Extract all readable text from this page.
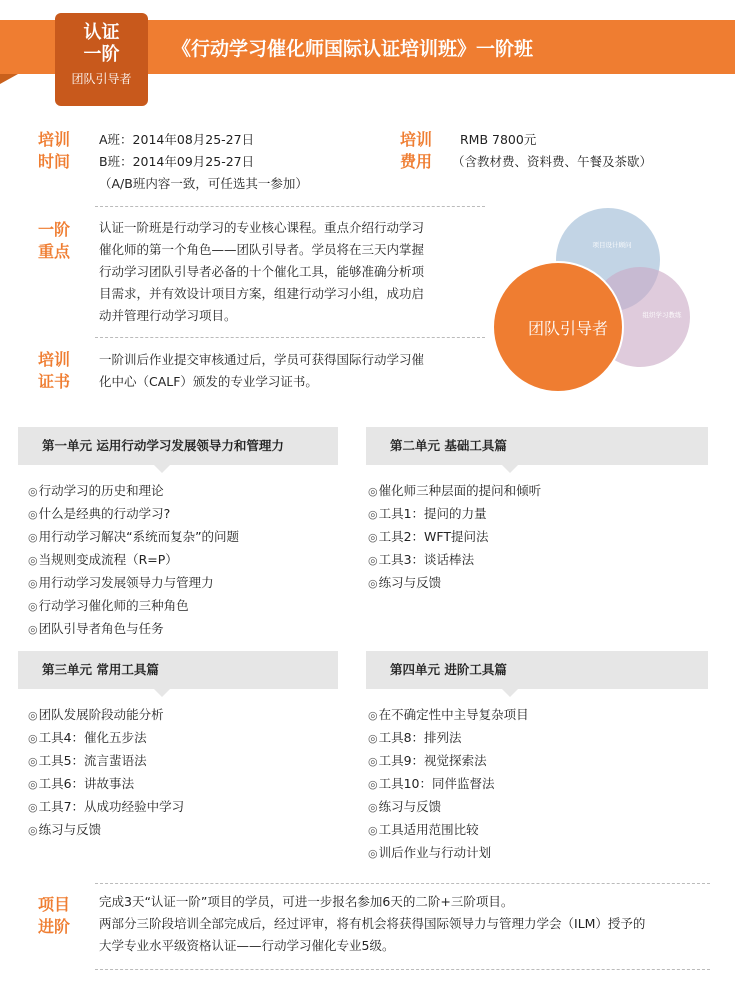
认证
一阶
团队引导者
《行动学习催化师国际认证培训班》一阶班
培训
时间
A班：2014年08月25-27日
B班：2014年09月25-27日
（A/B班内容一致，可任选其一参加）
培训
费用
RMB 7800元
（含教材费、资料费、午餐及茶歇）
一阶
重点
认证一阶班是行动学习的专业核心课程。重点介绍行动学习
催化师的第一个角色——团队引导者。学员将在三天内掌握
行动学习团队引导者必备的十个催化工具，能够准确分析项
目需求，并有效设计项目方案，组建行动学习小组，成功启
动并管理行动学习项目。
培训
证书
一阶训后作业提交审核通过后，学员可获得国际行动学习催
化中心（CALF）颁发的专业学习证书。
项目设计顾问
组织学习教练
团队引导者
第一单元 运用行动学习发展领导力和管理力
◎ 行动学习的历史和理论
◎ 什么是经典的行动学习?
◎ 用行动学习解决“系统而复杂”的问题
◎ 当规则变成流程（R=P）
◎ 用行动学习发展领导力与管理力
◎ 行动学习催化师的三种角色
◎ 团队引导者角色与任务
第二单元 基础工具篇
◎ 催化师三种层面的提问和倾听
◎ 工具1：提问的力量
◎ 工具2：WFT提问法
◎ 工具3：谈话棒法
◎ 练习与反馈
第三单元 常用工具篇
◎ 团队发展阶段动能分析
◎ 工具4：催化五步法
◎ 工具5：流言蜚语法
◎ 工具6：讲故事法
◎ 工具7：从成功经验中学习
◎ 练习与反馈
第四单元 进阶工具篇
◎ 在不确定性中主导复杂项目
◎ 工具8：排列法
◎ 工具9：视觉探索法
◎ 工具10：同伴监督法
◎ 练习与反馈
◎ 工具适用范围比较
◎ 训后作业与行动计划
项目
进阶
完成3天“认证一阶”项目的学员，可进一步报名参加6天的二阶+三阶项目。
两部分三阶段培训全部完成后，经过评审，将有机会将获得国际领导力与管理力学会（ILM）授予的
大学专业水平级资格认证——行动学习催化专业5级。
